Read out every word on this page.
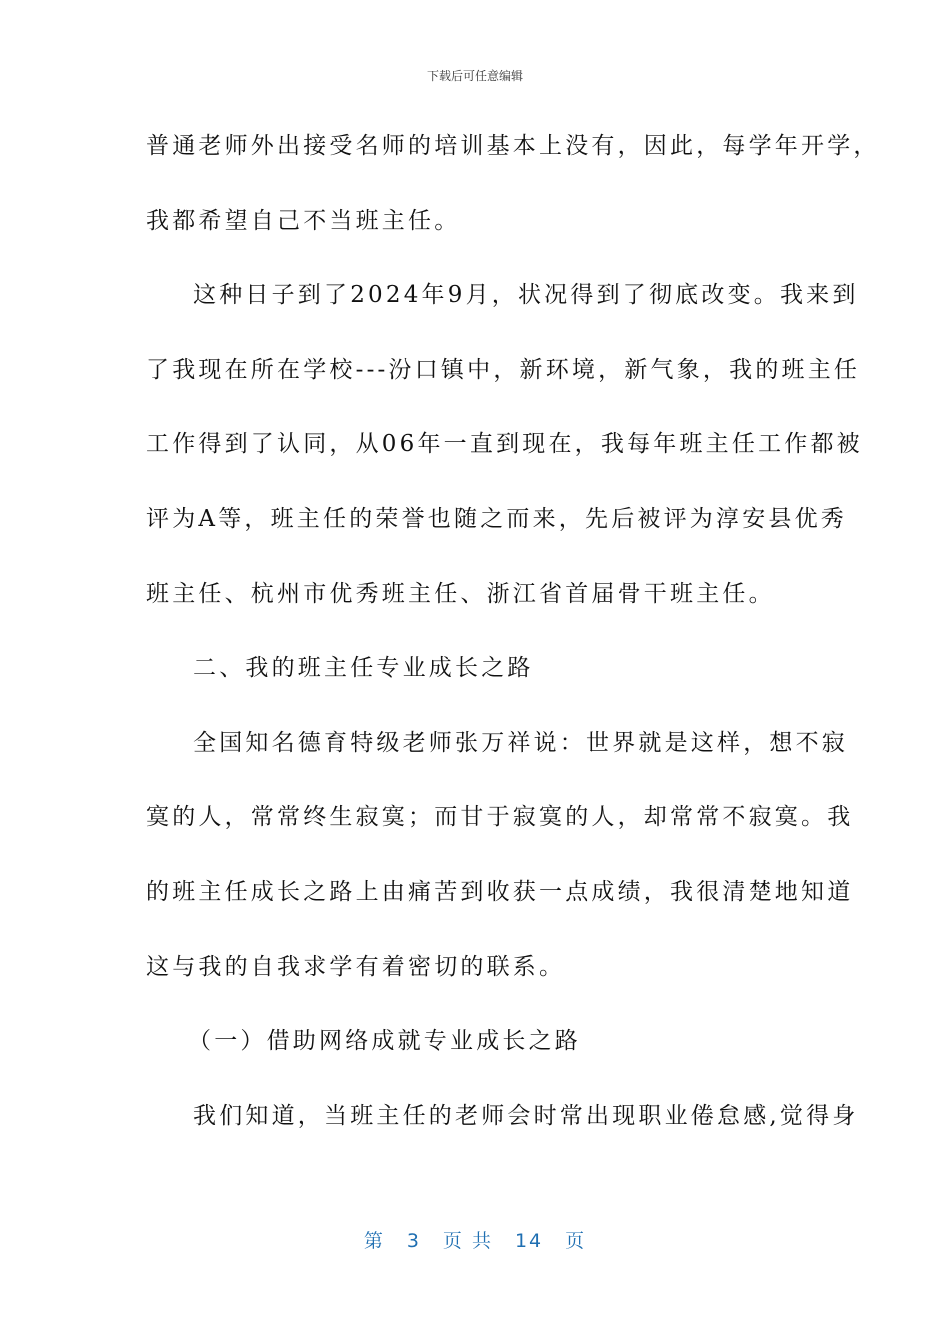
下载后可任意编辑
普通老师外出接受名师的培训基本上没有，因此，每学年开学，
我都希望自己不当班主任。
这种日子到了2024年9月，状况得到了彻底改变。我来到
了我现在所在学校---汾口镇中，新环境，新气象，我的班主任
工作得到了认同，从06年一直到现在，我每年班主任工作都被
评为A等，班主任的荣誉也随之而来，先后被评为淳安县优秀
班主任、杭州市优秀班主任、浙江省首届骨干班主任。
二、我的班主任专业成长之路
全国知名德育特级老师张万祥说：世界就是这样，想不寂
寞的人，常常终生寂寞；而甘于寂寞的人，却常常不寂寞。我
的班主任成长之路上由痛苦到收获一点成绩，我很清楚地知道
这与我的自我求学有着密切的联系。
（一）借助网络成就专业成长之路
我们知道，当班主任的老师会时常出现职业倦怠感,觉得身
第 3 页 共 14 页
